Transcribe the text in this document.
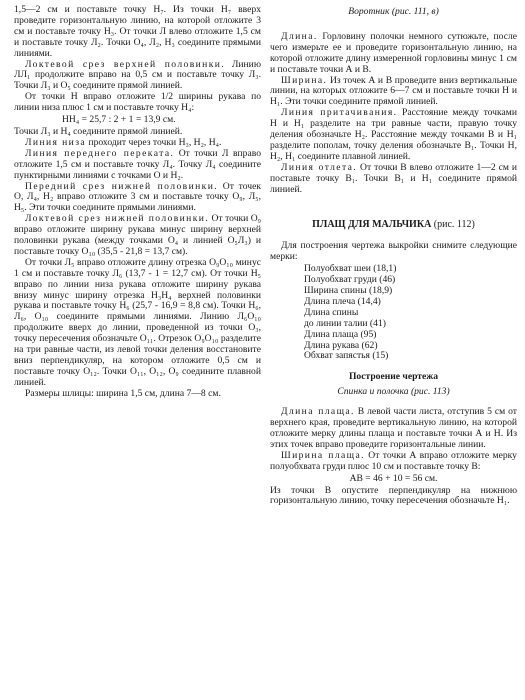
1,5—2 см и поставьте точку Н₇. Из точки Н₇ вверх проведите горизонтальную линию, на которой отложите 3 см и поставьте точку Н₃. От точки Л влево отложите 1,5 см и поставьте точку Л₂. Точки О₄, Л₂, Н₃ соедините прямыми линиями.

Локтевой срез верхней половинки. Линию ЛЛ₁ продолжите вправо на 0,5 см и поставьте точку Л₃. Точки Л₃ и О₅ соедините прямой линией.

От точки Н вправо отложите 1/2 ширины рукава по линии низа плюс 1 см и поставьте точку Н₄:

НН₄ = 25,7 : 2 + 1 = 13,9 см.

Точки Л₃ и Н₄ соедините прямой линией.

Линия низа проходит через точки Н₃, Н₂, Н₄.

Линия переднего переката. От точки Л вправо отложите 1,5 см и поставьте точку Л₄. Точку Л₄ соедините пунктирными линиями с точками О и Н₂.

Передний срез нижней половинки. От точек О, Л₄, Н₂ вправо отложите 3 см и поставьте точку О₉, Л₅, Н₅. Эти точки соедините прямыми линиями.

Локтевой срез нижней половинки. От точки О₉ вправо отложите ширину рукава минус ширину верхней половинки рукава (между точками О₄ и линией О₅Л₃) и поставьте точку О₁₀ (35,5 - 21,8 = 13,7 см).

От точки Л₅ вправо отложите длину отрезка О₉О₁₀ минус 1 см и поставьте точку Л₆ (13,7 - 1 = 12,7 см). От точки Н₅ вправо по линии низа рукава отложите ширину рукава внизу минус ширину отрезка Н₃Н₄ верхней половинки рукава и поставьте точку Н₆ (25,7 - 16,9 = 8,8 см). Точки Н₆, Л₆, О₁₀ соедините прямыми линиями. Линию Л₆О₁₀ продолжите вверх до линии, проведенной из точки О₃, точку пересечения обозначьте О₁₁. Отрезок О₉О₁₀ разделите на три равные части, из левой точки деления восстановите вниз перпендикуляр, на котором отложите 0,5 см и поставьте точку О₁₂. Точки О₁₁, О₁₂, О₉ соедините плавной линией.

Размеры шлицы: ширина 1,5 см, длина 7—8 см.

Воротник (рис. 111, в)

Длина. Горловину полочки немного сутюжьте, после чего измерьте ее и проведите горизонтальную линию, на которой отложите длину измеренной горловины минус 1 см и поставьте точки А и В.

Ширина. Из точек А и В проведите вниз вертикальные линии, на которых отложите 6—7 см и поставьте точки Н и Н₁. Эти точки соедините прямой линией.

Линия притачивания. Расстояние между точками Н и Н₁ разделите на три равные части, правую точку деления обозначьте Н₂. Расстояние между точками В и Н₁ разделите пополам, точку деления обозначьте В₁. Точки Н, Н₂, Н₁ соедините плавной линией.

Линия отлета. От точки В влево отложите 1—2 см и поставьте точку В₁. Точки В₁ и Н₁ соедините прямой линией.

ПЛАЩ ДЛЯ МАЛЬЧИКА (рис. 112)

Для построения чертежа выкройки снимите следующие мерки:

Полуобхват шеи (18,1)
Полуобхват груди (46)
Ширина спины (18,9)
Длина плеча (14,4)
Длина спины
до линии талии (41)
Длина плаща (95)
Длина рукава (62)
Обхват запястья (15)

Построение чертежа

Спинка и полочка (рис. 113)

Длина плаща. В левой части листа, отступив 5 см от верхнего края, проведите вертикальную линию, на которой отложите мерку длины плаща и поставьте точки А и Н. Из этих точек вправо проведите горизонтальные линии.

Ширина плаща. От точки А вправо отложите мерку полуобхвата груди плюс 10 см и поставьте точку В:

АВ = 46 + 10 = 56 см.

Из точки В опустите перпендикуляр на нижнюю горизонтальную линию, точку пересечения обозначьте Н₁.
